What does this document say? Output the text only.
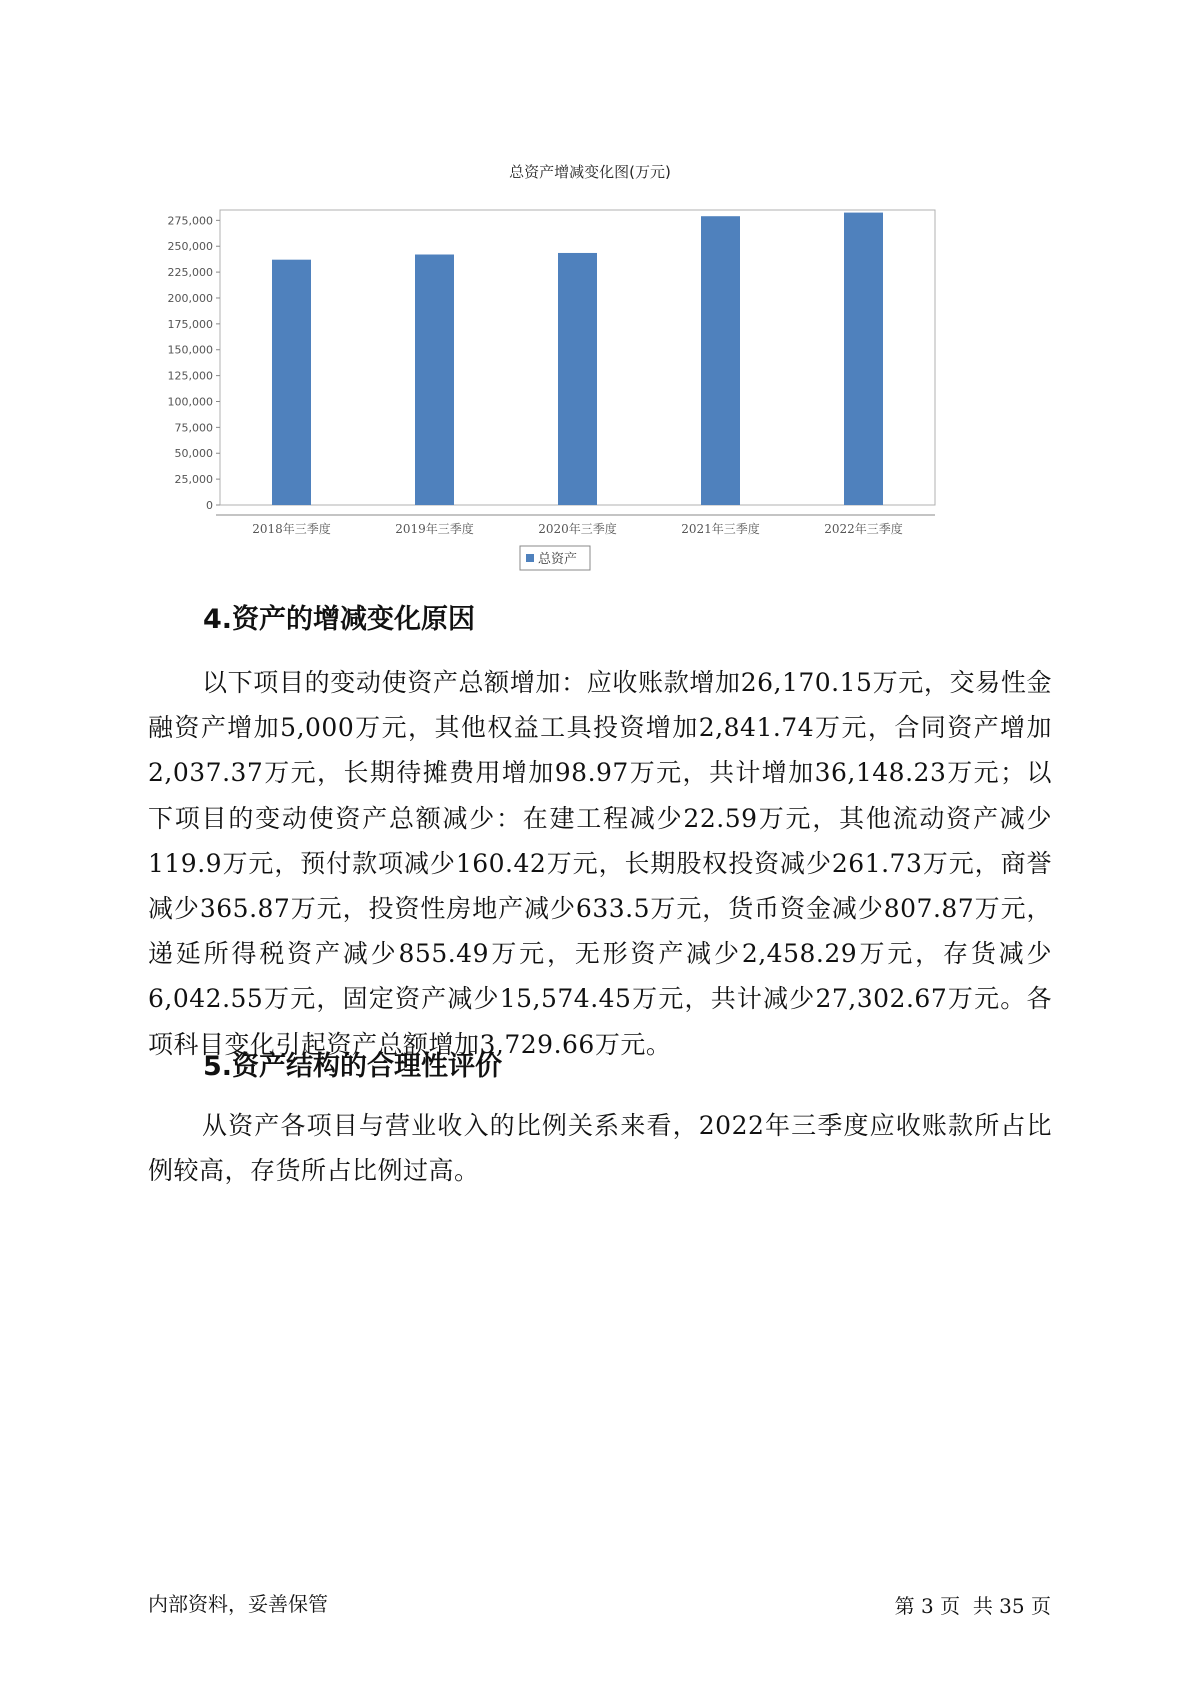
总资产增减变化图(万元)
0
25,000
50,000
75,000
100,000
125,000
150,000
175,000
200,000
225,000
250,000
275,000
2018年三季度	2019年三季度	2020年三季度	2021年三季度	2022年三季度
总资产
4.资产的增减变化原因

以下项目的变动使资产总额增加：应收账款增加26,170.15万元，交易性金融资产增加5,000万元，其他权益工具投资增加2,841.74万元，合同资产增加2,037.37万元，长期待摊费用增加98.97万元，共计增加36,148.23万元；以下项目的变动使资产总额减少：在建工程减少22.59万元，其他流动资产减少119.9万元，预付款项减少160.42万元，长期股权投资减少261.73万元，商誉减少365.87万元，投资性房地产减少633.5万元，货币资金减少807.87万元，递延所得税资产减少855.49万元，无形资产减少2,458.29万元，存货减少6,042.55万元，固定资产减少15,574.45万元，共计减少27,302.67万元。各项科目变化引起资产总额增加3,729.66万元。

5.资产结构的合理性评价

从资产各项目与营业收入的比例关系来看，2022年三季度应收账款所占比例较高，存货所占比例过高。

内部资料，妥善保管	第 3 页  共 35 页
